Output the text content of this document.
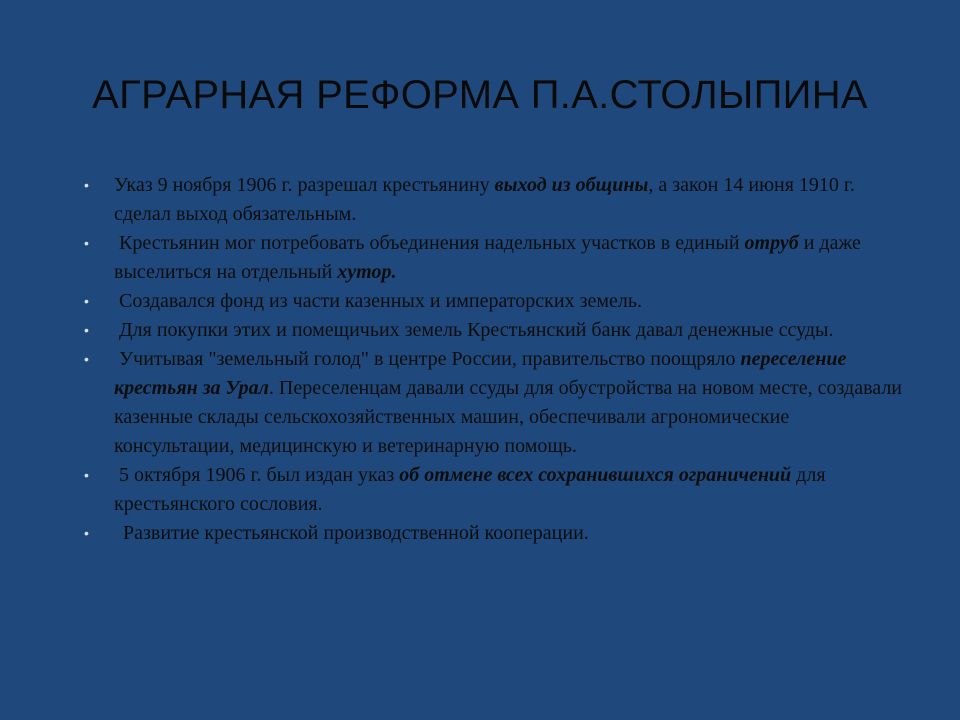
АГРАРНАЯ РЕФОРМА П.А.СТОЛЫПИНА
• Указ 9 ноября 1906 г. разрешал крестьянину выход из общины, а закон 14 июня 1910 г. сделал выход обязательным.
• Крестьянин мог потребовать объединения надельных участков в единый отруб и даже выселиться на отдельный хутор.
• Создавался фонд из части казенных и императорских земель.
• Для покупки этих и помещичьих земель Крестьянский банк давал денежные ссуды.
• Учитывая "земельный голод" в центре России, правительство поощряло переселение крестьян за Урал. Переселенцам давали ссуды для обустройства на новом месте, создавали казенные склады сельскохозяйственных машин, обеспечивали агрономические консультации, медицинскую и ветеринарную помощь.
• 5 октября 1906 г. был издан указ об отмене всех сохранившихся ограничений для крестьянского сословия.
• Развитие крестьянской производственной кооперации.
